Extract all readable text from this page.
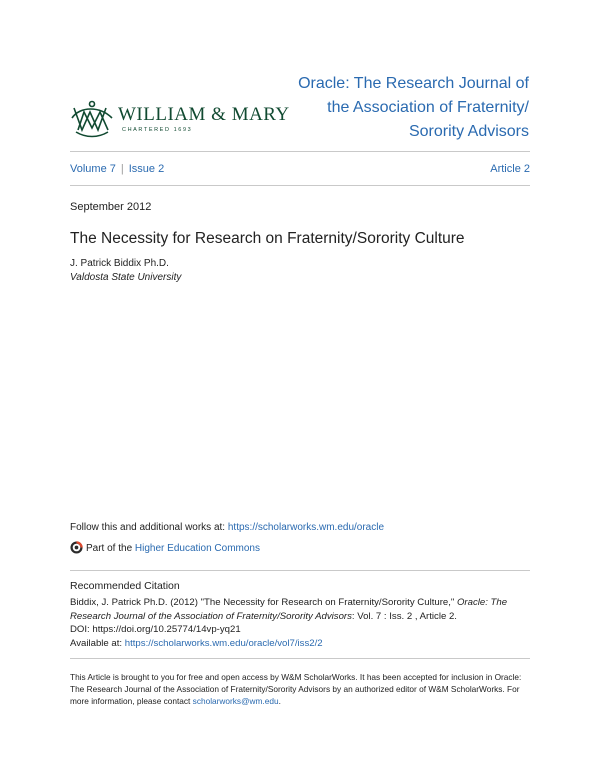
WILLIAM & MARY
CHARTERED 1693
Oracle: The Research Journal of
the Association of Fraternity/
Sorority Advisors
Volume 7 | Issue 2	Article 2
September 2012
The Necessity for Research on Fraternity/Sorority Culture
J. Patrick Biddix Ph.D.
Valdosta State University
Follow this and additional works at: https://scholarworks.wm.edu/oracle
Part of the Higher Education Commons
Recommended Citation
Biddix, J. Patrick Ph.D. (2012) "The Necessity for Research on Fraternity/Sorority Culture," Oracle: The
Research Journal of the Association of Fraternity/Sorority Advisors: Vol. 7 : Iss. 2 , Article 2.
DOI: https://doi.org/10.25774/14vp-yq21
Available at: https://scholarworks.wm.edu/oracle/vol7/iss2/2
This Article is brought to you for free and open access by W&M ScholarWorks. It has been accepted for inclusion in Oracle: The Research Journal of the Association of Fraternity/Sorority Advisors by an authorized editor of W&M ScholarWorks. For more information, please contact scholarworks@wm.edu.
